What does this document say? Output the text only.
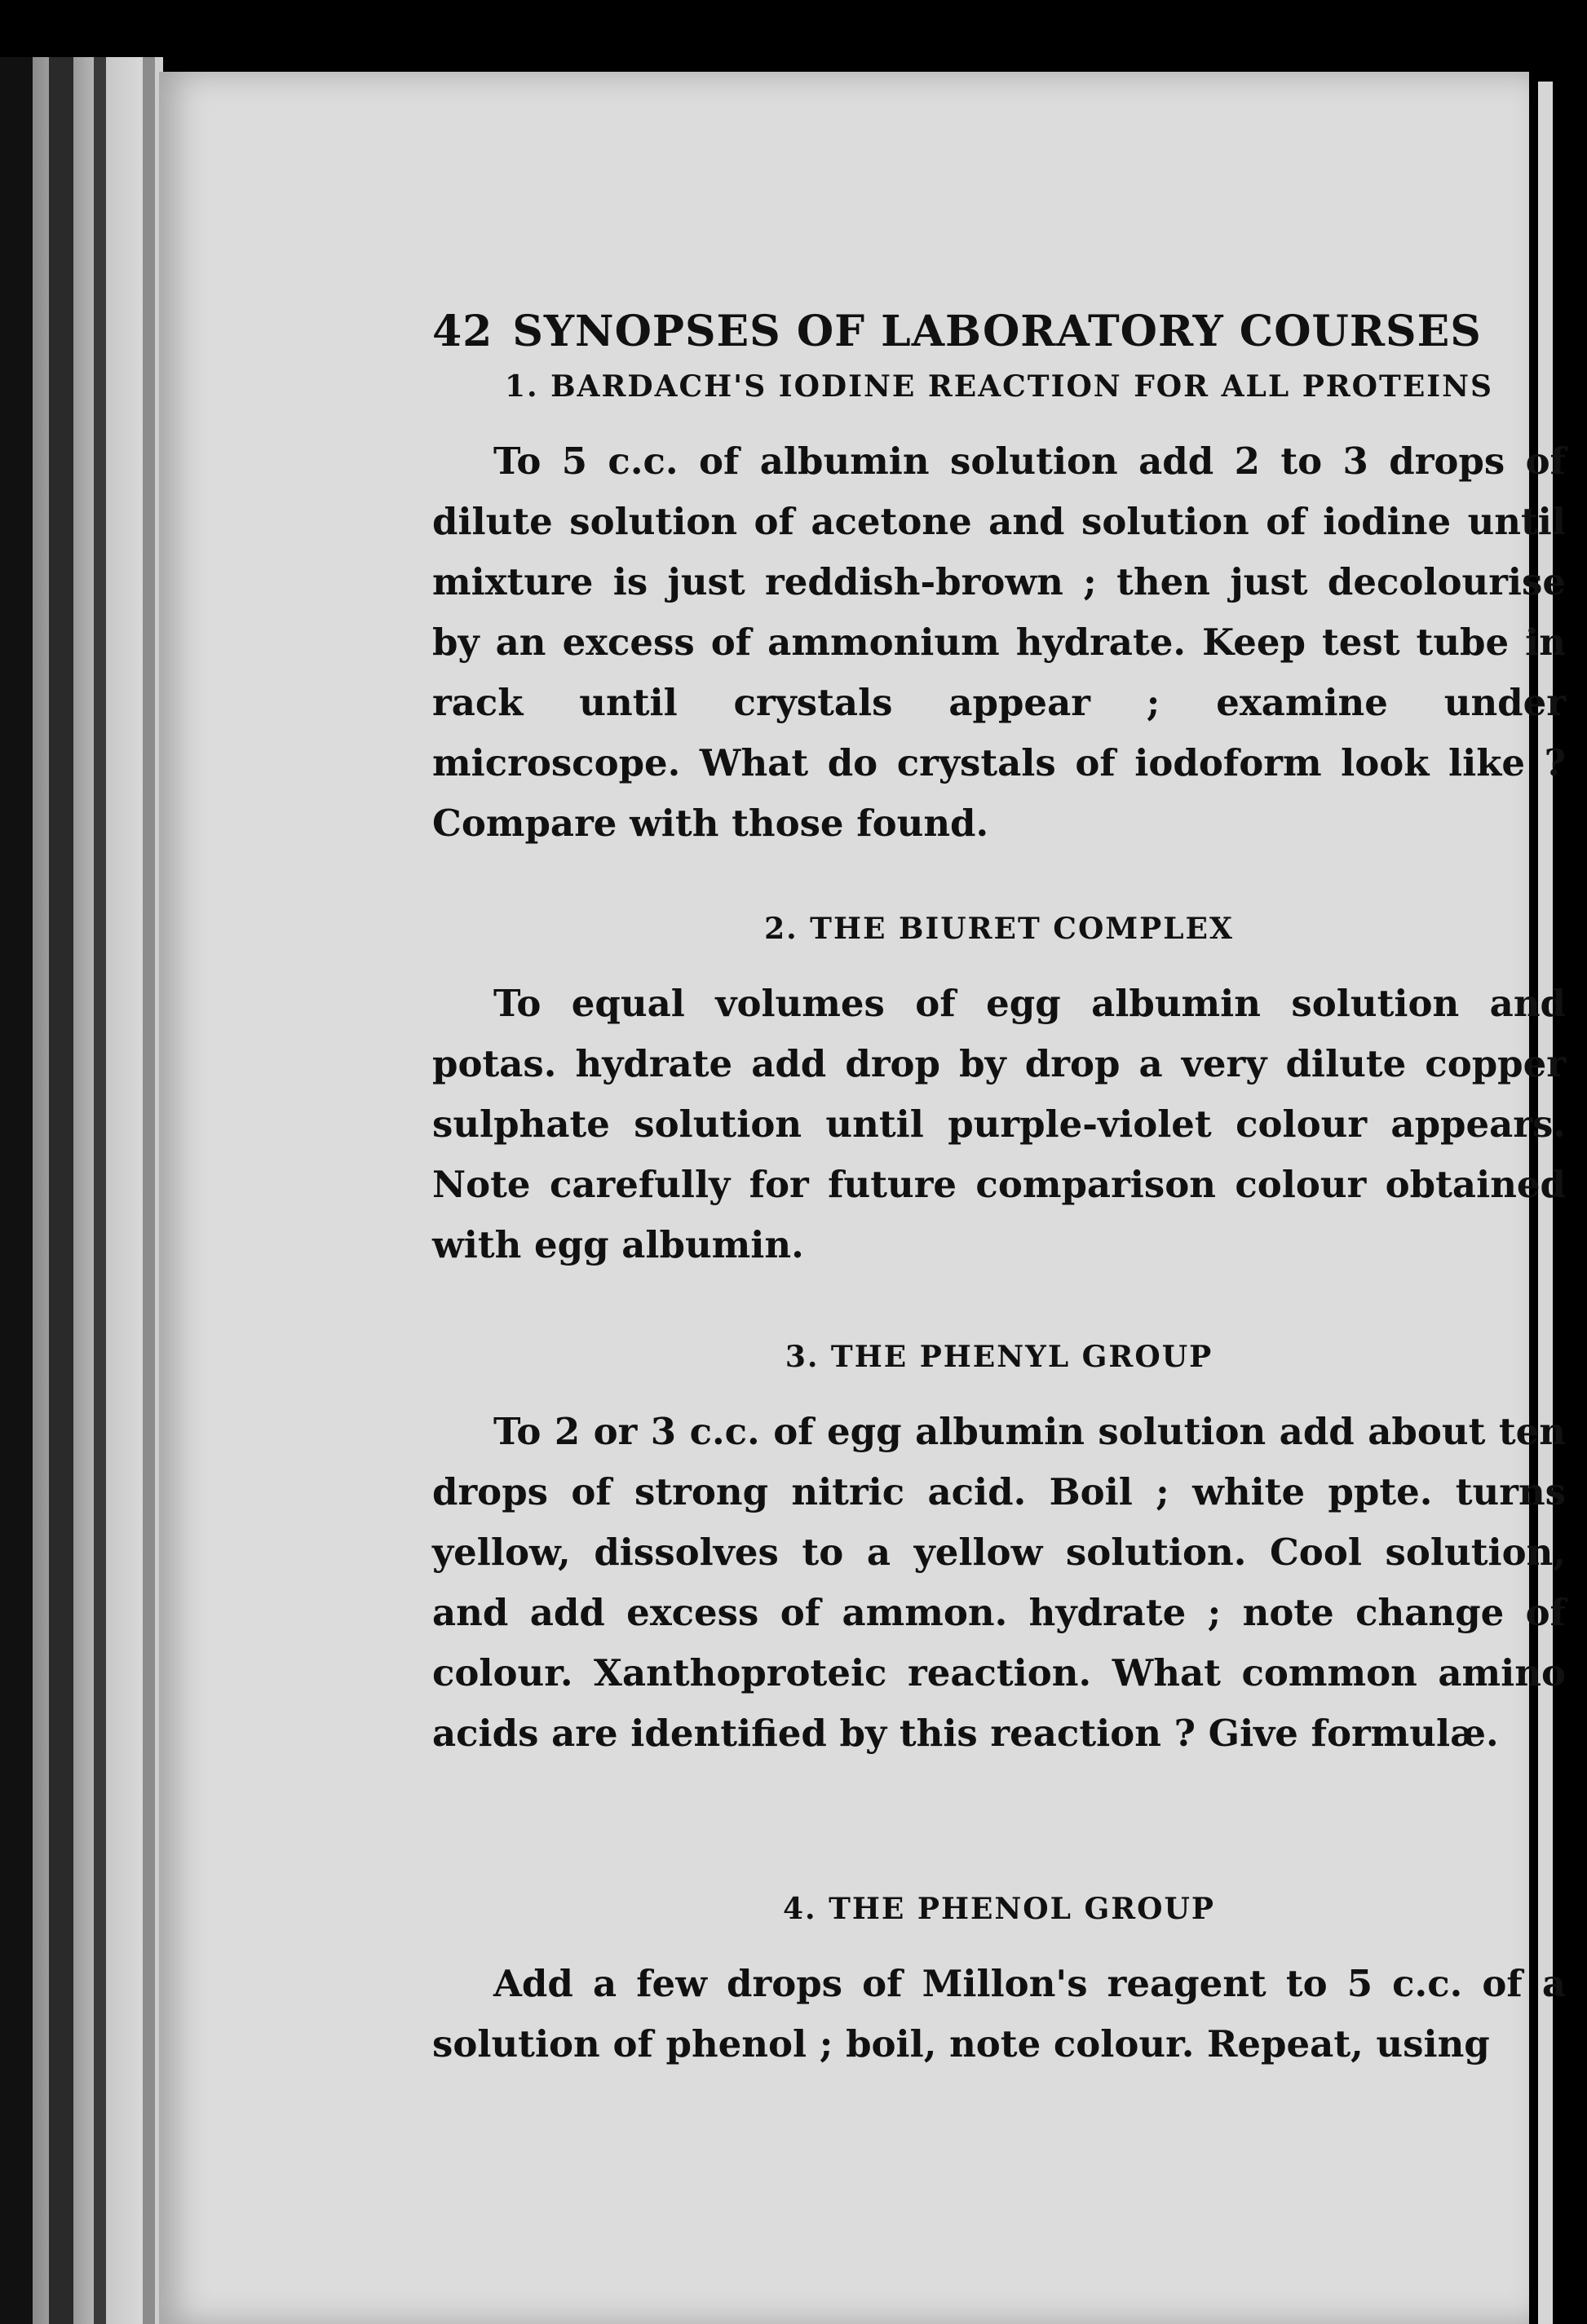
42 SYNOPSES OF LABORATORY COURSES
1. BARDACH'S IODINE REACTION FOR ALL PROTEINS

To 5 c.c. of albumin solution add 2 to 3 drops of dilute solution of acetone and solution of iodine until mixture is just reddish-brown ; then just decolourise by an excess of ammonium hydrate. Keep test tube in rack until crystals appear ; examine under microscope. What do crystals of iodoform look like ? Compare with those found.

2. THE BIURET COMPLEX

To equal volumes of egg albumin solution and potas. hydrate add drop by drop a very dilute copper sulphate solution until purple-violet colour appears. Note carefully for future comparison colour obtained with egg albumin.

3. THE PHENYL GROUP

To 2 or 3 c.c. of egg albumin solution add about ten drops of strong nitric acid. Boil ; white ppte. turns yellow, dissolves to a yellow solution. Cool solution, and add excess of ammon. hydrate ; note change of colour. Xanthoproteic reaction. What common amino acids are identified by this reaction ? Give formulæ.

4. THE PHENOL GROUP

Add a few drops of Millon's reagent to 5 c.c. of a solution of phenol ; boil, note colour. Repeat, using
